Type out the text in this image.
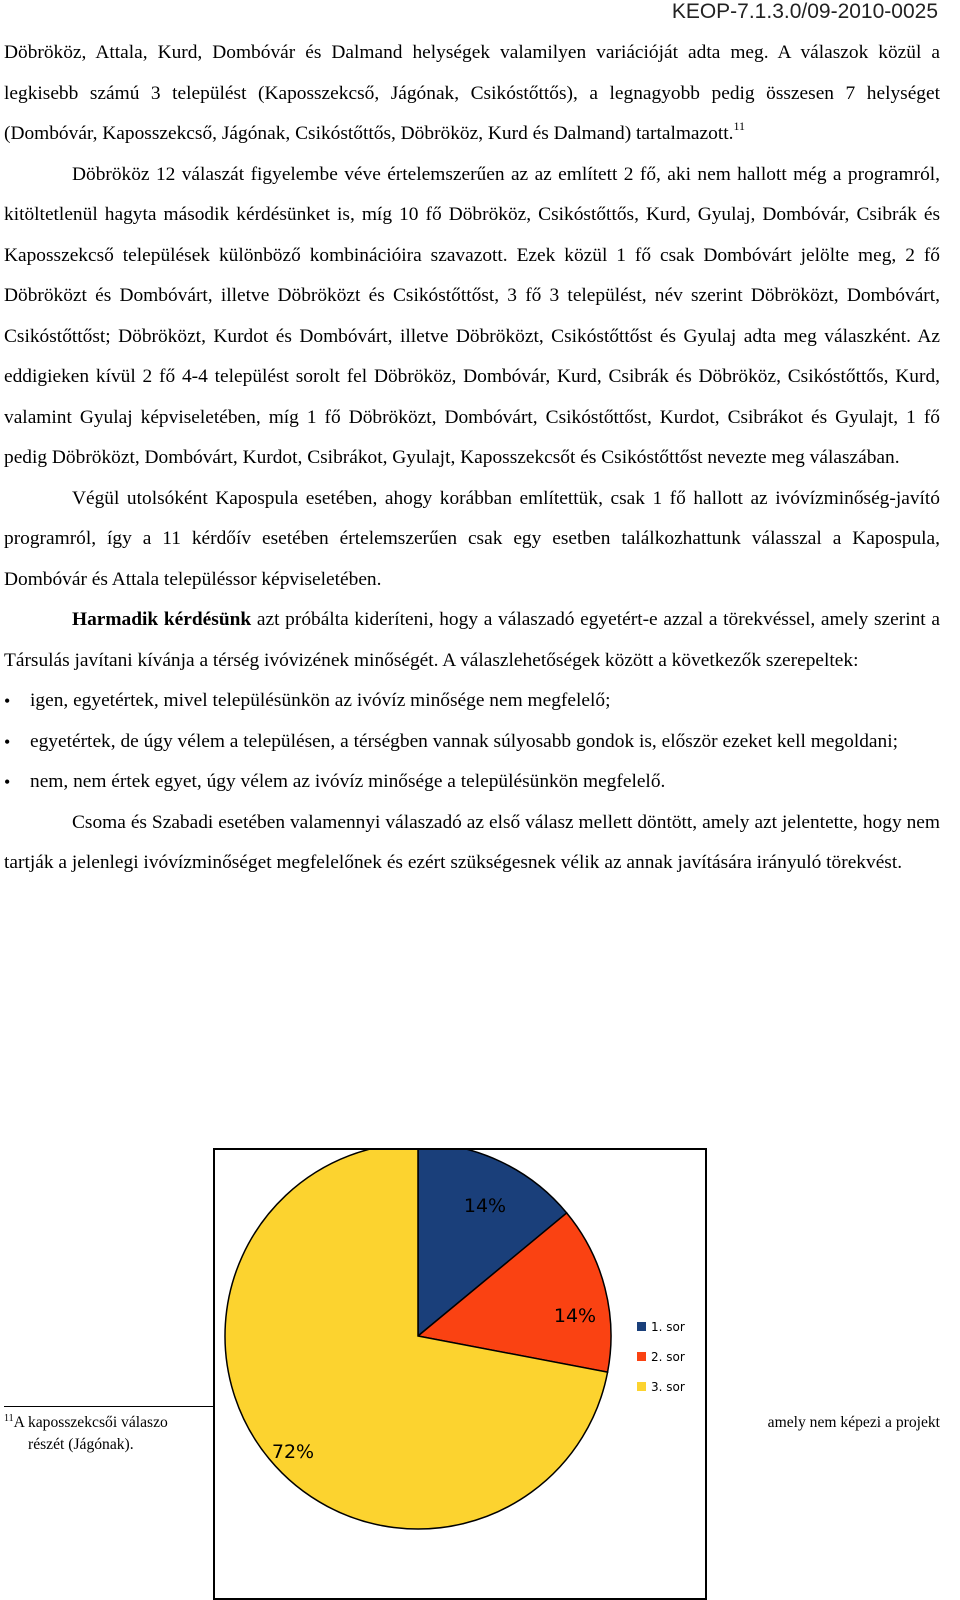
KEOP-7.1.3.0/09-2010-0025

Döbrököz, Attala, Kurd, Dombóvár és Dalmand helységek valamilyen variációját adta meg. A válaszok közül a legkisebb számú 3 települést (Kaposszekcső, Jágónak, Csikóstőttős), a legnagyobb pedig összesen 7 helységet (Dombóvár, Kaposszekcső, Jágónak, Csikóstőttős, Döbrököz, Kurd és Dalmand) tartalmazott.$^{11}$

Döbrököz 12 válaszát figyelembe véve értelemszerűen az az említett 2 fő, aki nem hallott még a programról, kitöltetlenül hagyta második kérdésünket is, míg 10 fő Döbrököz, Csikóstőttős, Kurd, Gyulaj, Dombóvár, Csibrák és Kaposszekcső települések különböző kombinációira szavazott. Ezek közül 1 fő csak Dombóvárt jelölte meg, 2 fő Döbröközt és Dombóvárt, illetve Döbröközt és Csikóstőttőst, 3 fő 3 települést, név szerint Döbröközt, Dombóvárt, Csikóstőttőst; Döbröközt, Kurdot és Dombóvárt, illetve Döbröközt, Csikóstőttőst és Gyulaj adta meg válaszként. Az eddigieken kívül 2 fő 4-4 települést sorolt fel Döbrököz, Dombóvár, Kurd, Csibrák és Döbrököz, Csikóstőttős, Kurd, valamint Gyulaj képviseletében, míg 1 fő Döbröközt, Dombóvárt, Csikóstőttőst, Kurdot, Csibrákot és Gyulajt, 1 fő pedig Döbröközt, Dombóvárt, Kurdot, Csibrákot, Gyulajt, Kaposszekcsőt és Csikóstőttőst nevezte meg válaszában.

Végül utolsóként Kapospula esetében, ahogy korábban említettük, csak 1 fő hallott az ivóvízminőség-javító programról, így a 11 kérdőív esetében értelemszerűen csak egy esetben találkozhattunk válasszal a Kapospula, Dombóvár és Attala településsor képviseletében.

Harmadik kérdésünk azt próbálta kideríteni, hogy a válaszadó egyetért-e azzal a törekvéssel, amely szerint a Társulás javítani kívánja a térség ivóvizének minőségét. A válaszlehetőségek között a következők szerepeltek:

• igen, egyetértek, mivel településünkön az ivóvíz minősége nem megfelelő;
• egyetértek, de úgy vélem a településen, a térségben vannak súlyosabb gondok is, először ezeket kell megoldani;
• nem, nem értek egyet, úgy vélem az ivóvíz minősége a településünkön megfelelő.

Csoma és Szabadi esetében valamennyi válaszadó az első válasz mellett döntött, amely azt jelentette, hogy nem tartják a jelenlegi ivóvízminőséget megfelelőnek és ezért szükségesnek vélik az annak javítására irányuló törekvést.

$^{11}$A kaposszekcsői válaszo	amely nem képezi a projekt
részét (Jágónak).
14%
14%
72%
1. sor
2. sor
3. sor
